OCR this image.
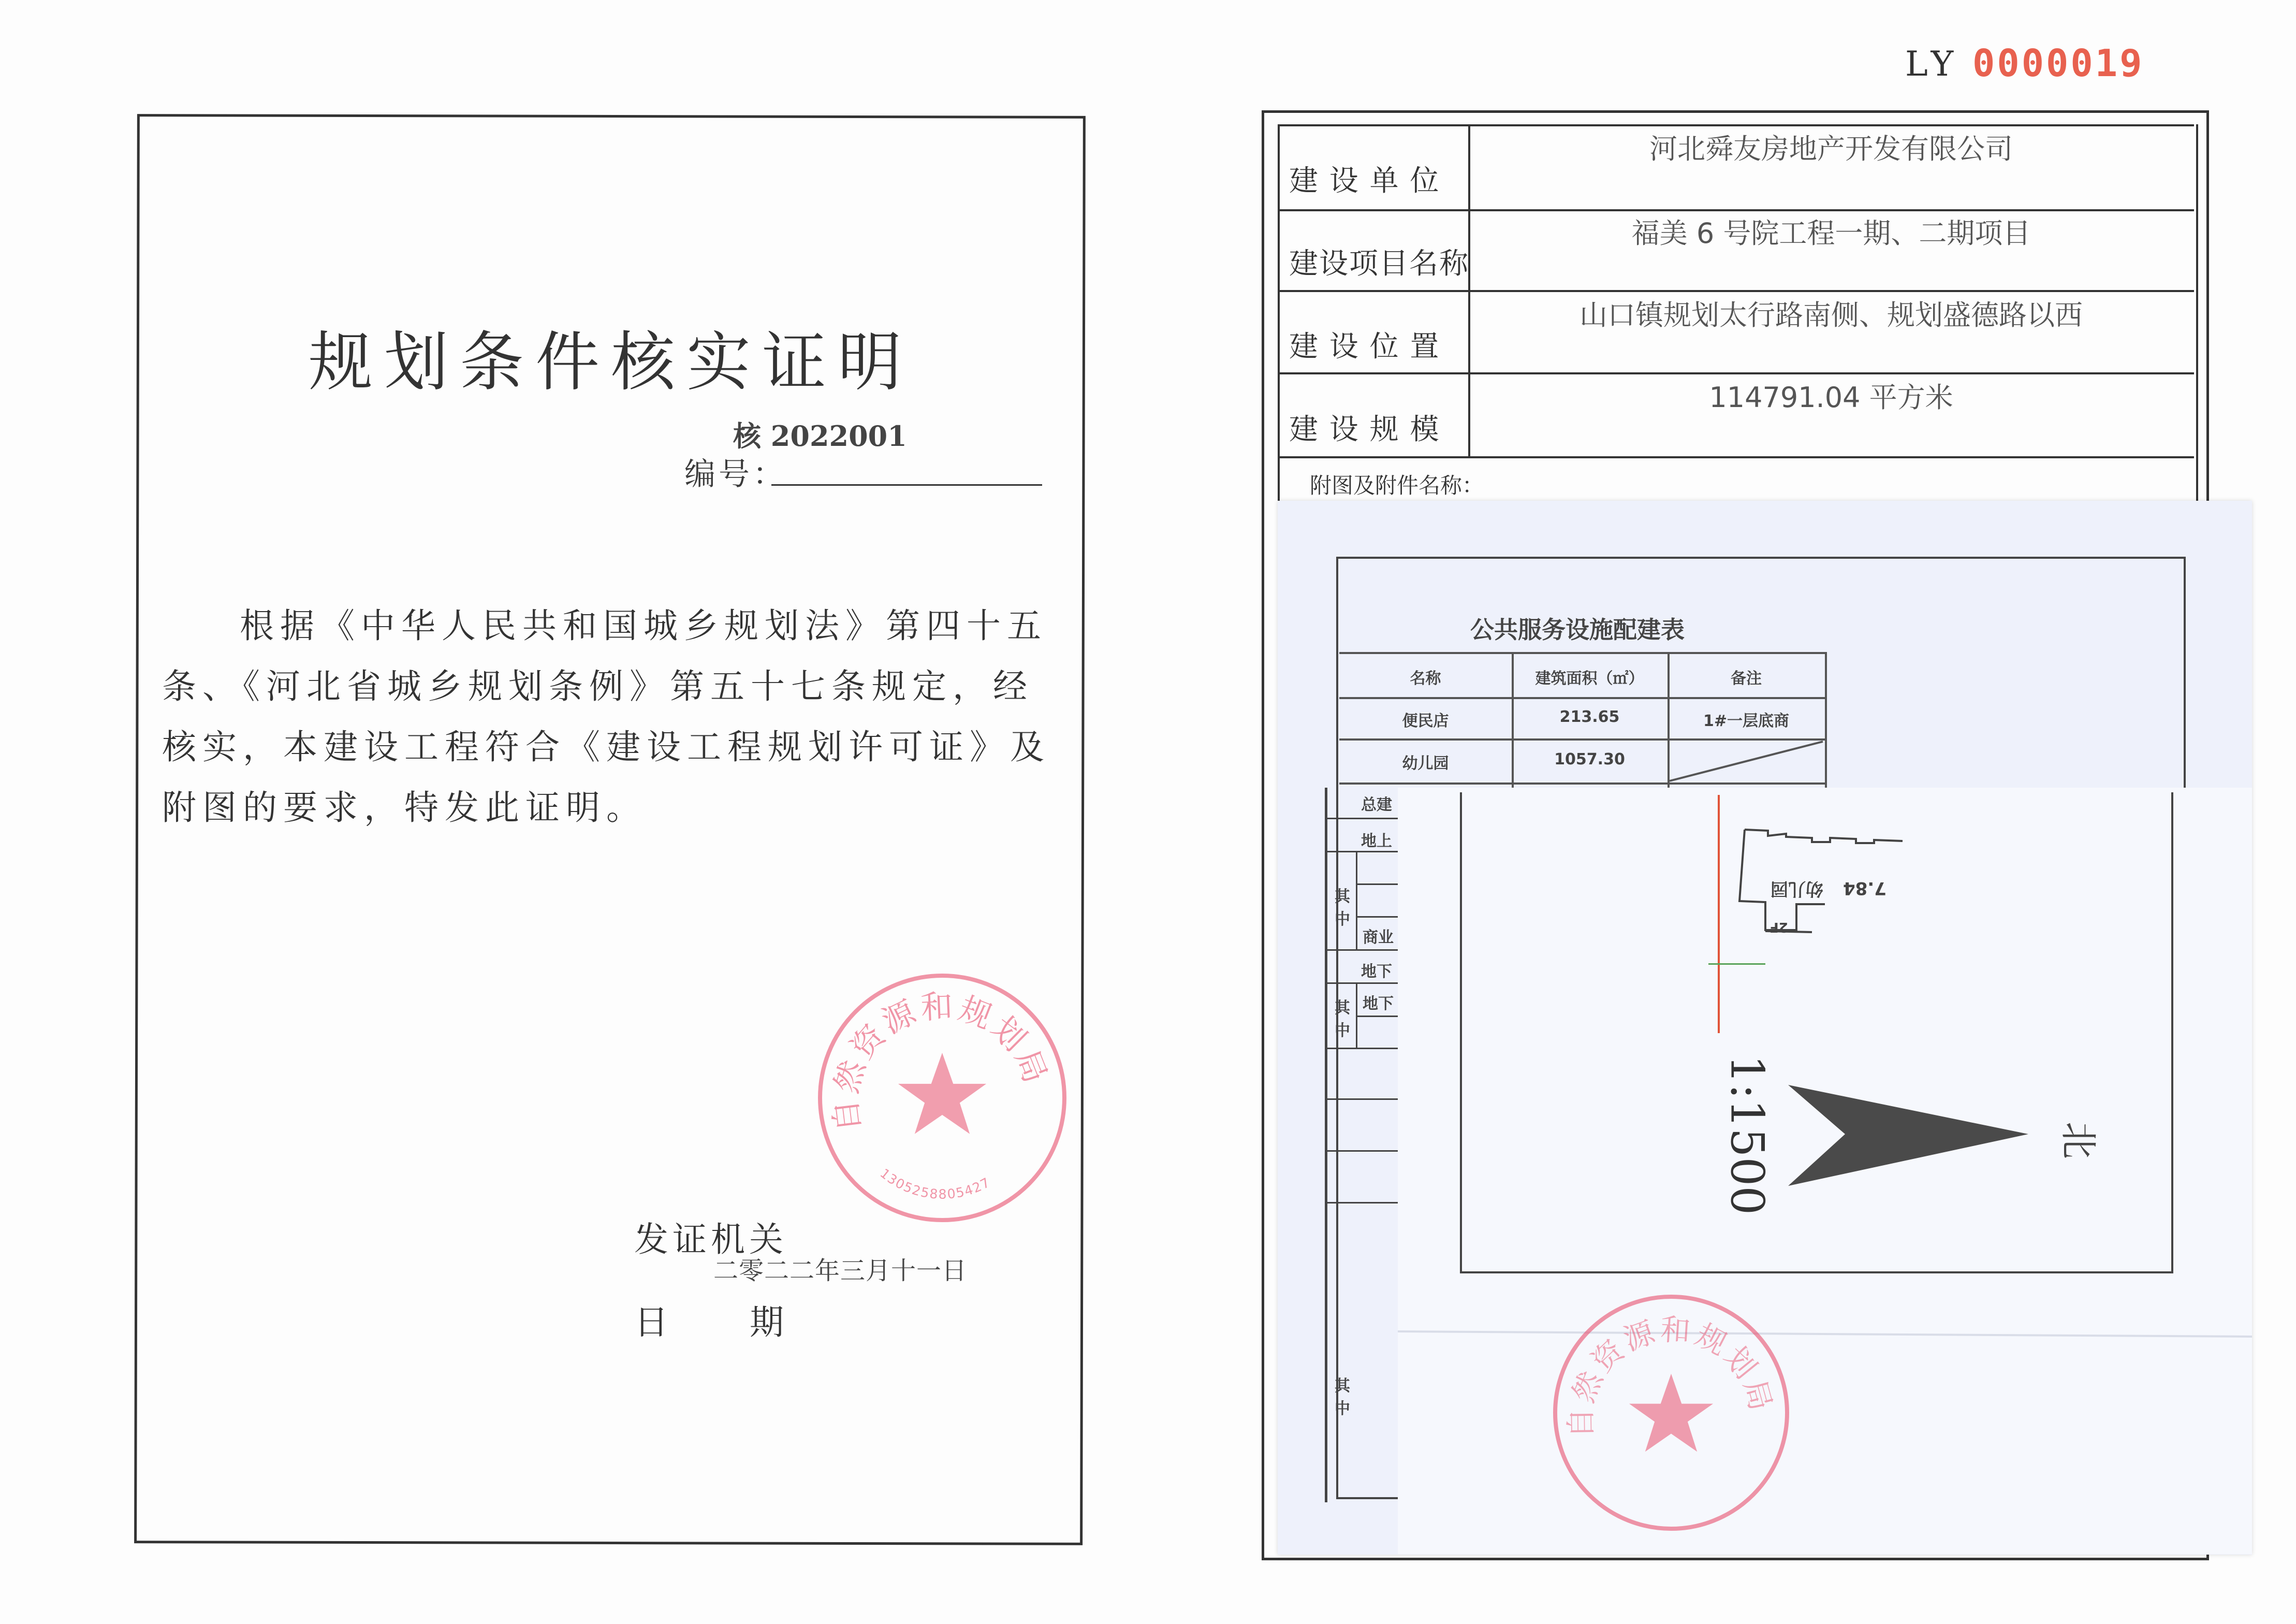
LY 0000019
规划条件核实证明
核 2022001
编号：
根据《中华人民共和国城乡规划法》第四十五
条、《河北省城乡规划条例》第五十七条规定，经
核实，本建设工程符合《建设工程规划许可证》及
附图的要求，特发此证明。
自然资源和规划局
1305258805427
发证机关
二零二二年三月十一日
日 期
建 设 单 位
河北舜友房地产开发有限公司
建设项目名称
福美 6 号院工程一期、二期项目
建 设 位 置
山口镇规划太行路南侧、规划盛德路以西
建 设 规 模
114791.04 平方米
附图及附件名称：
公共服务设施配建表
名称	建筑面积（㎡）	备注
便民店	213.65	1#一层底商
幼儿园	1057.30
总建
地上
其中
商业
地下
其中
地下
其中
幼儿园 7.84
2F
1:1500	北
自然资源和规划局
